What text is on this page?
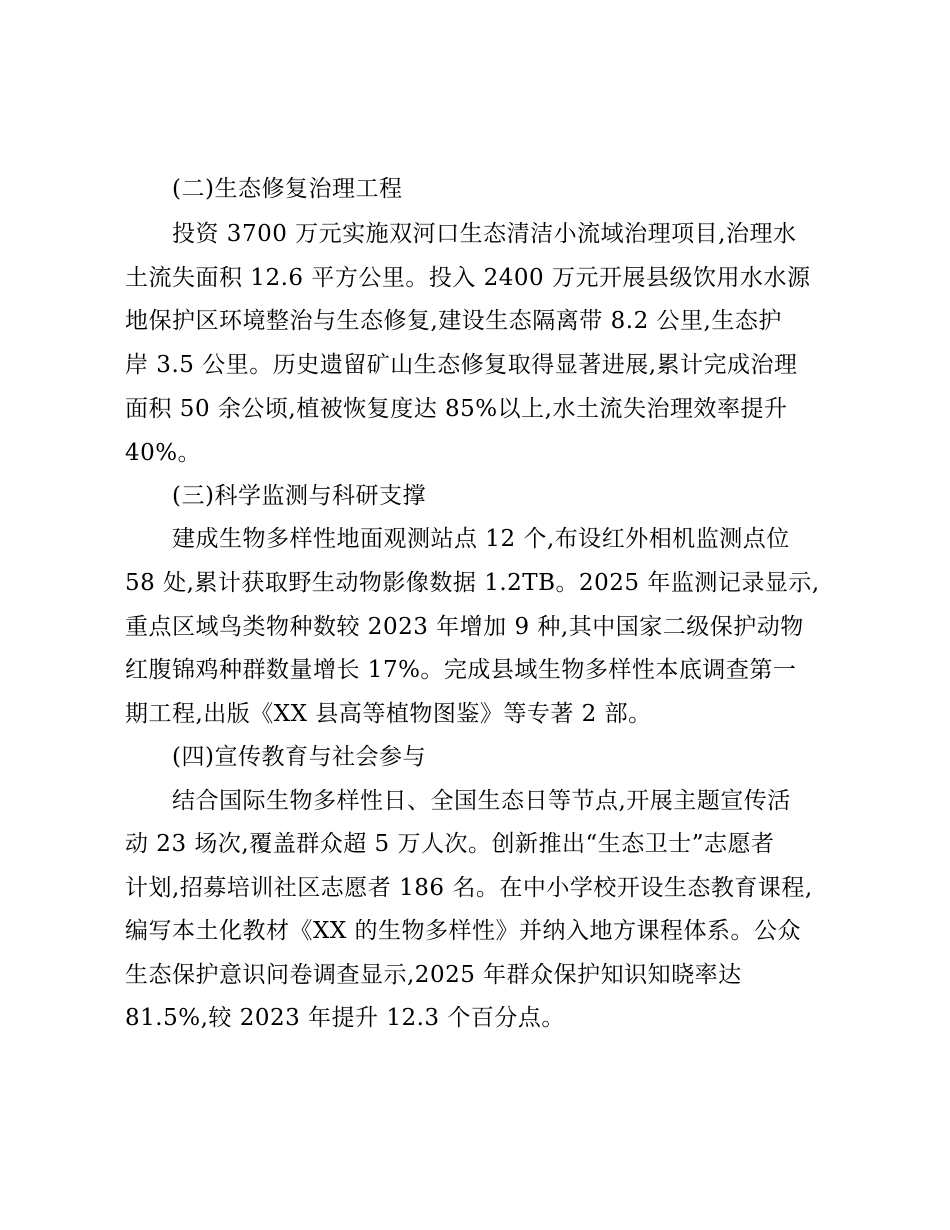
(二)生态修复治理工程
投资 3700 万元实施双河口生态清洁小流域治理项目,治理水
土流失面积 12.6 平方公里。投入 2400 万元开展县级饮用水水源
地保护区环境整治与生态修复,建设生态隔离带 8.2 公里,生态护
岸 3.5 公里。历史遗留矿山生态修复取得显著进展,累计完成治理
面积 50 余公顷,植被恢复度达 85%以上,水土流失治理效率提升
40%。
(三)科学监测与科研支撑
建成生物多样性地面观测站点 12 个,布设红外相机监测点位
58 处,累计获取野生动物影像数据 1.2TB。2025 年监测记录显示,
重点区域鸟类物种数较 2023 年增加 9 种,其中国家二级保护动物
红腹锦鸡种群数量增长 17%。完成县域生物多样性本底调查第一
期工程,出版《XX 县高等植物图鉴》等专著 2 部。
(四)宣传教育与社会参与
结合国际生物多样性日、全国生态日等节点,开展主题宣传活
动 23 场次,覆盖群众超 5 万人次。创新推出“生态卫士”志愿者
计划,招募培训社区志愿者 186 名。在中小学校开设生态教育课程,
编写本土化教材《XX 的生物多样性》并纳入地方课程体系。公众
生态保护意识问卷调查显示,2025 年群众保护知识知晓率达
81.5%,较 2023 年提升 12.3 个百分点。
